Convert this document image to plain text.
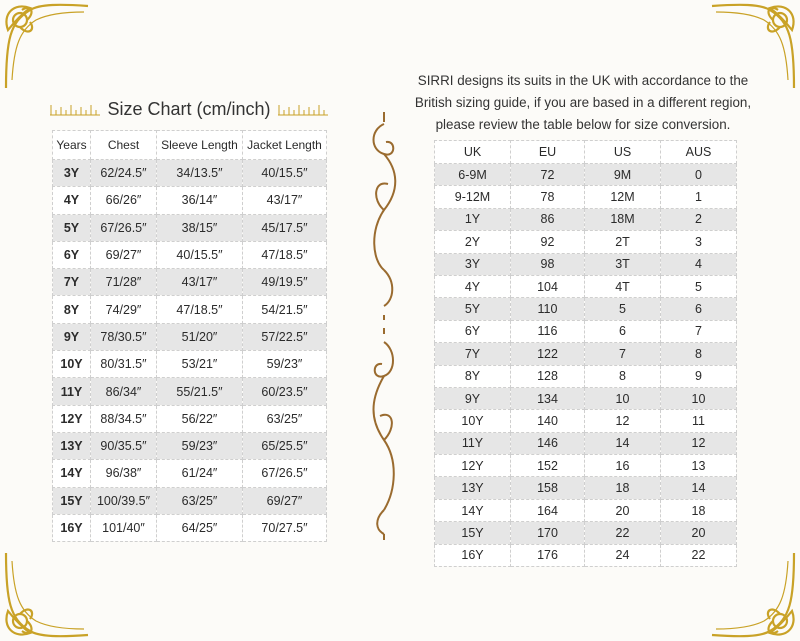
Size Chart (cm/inch)
Years	Chest	Sleeve Length	Jacket Length
3Y	62/24.5″	34/13.5″	40/15.5″
4Y	66/26″	36/14″	43/17″
5Y	67/26.5″	38/15″	45/17.5″
6Y	69/27″	40/15.5″	47/18.5″
7Y	71/28″	43/17″	49/19.5″
8Y	74/29″	47/18.5″	54/21.5″
9Y	78/30.5″	51/20″	57/22.5″
10Y	80/31.5″	53/21″	59/23″
11Y	86/34″	55/21.5″	60/23.5″
12Y	88/34.5″	56/22″	63/25″
13Y	90/35.5″	59/23″	65/25.5″
14Y	96/38″	61/24″	67/26.5″
15Y	100/39.5″	63/25″	69/27″
16Y	101/40″	64/25″	70/27.5″
SIRRI designs its suits in the UK with accordance to the
British sizing guide, if you are based in a different region,
please review the table below for size conversion.
UK	EU	US	AUS
6-9M	72	9M	0
9-12M	78	12M	1
1Y	86	18M	2
2Y	92	2T	3
3Y	98	3T	4
4Y	104	4T	5
5Y	110	5	6
6Y	116	6	7
7Y	122	7	8
8Y	128	8	9
9Y	134	10	10
10Y	140	12	11
11Y	146	14	12
12Y	152	16	13
13Y	158	18	14
14Y	164	20	18
15Y	170	22	20
16Y	176	24	22
